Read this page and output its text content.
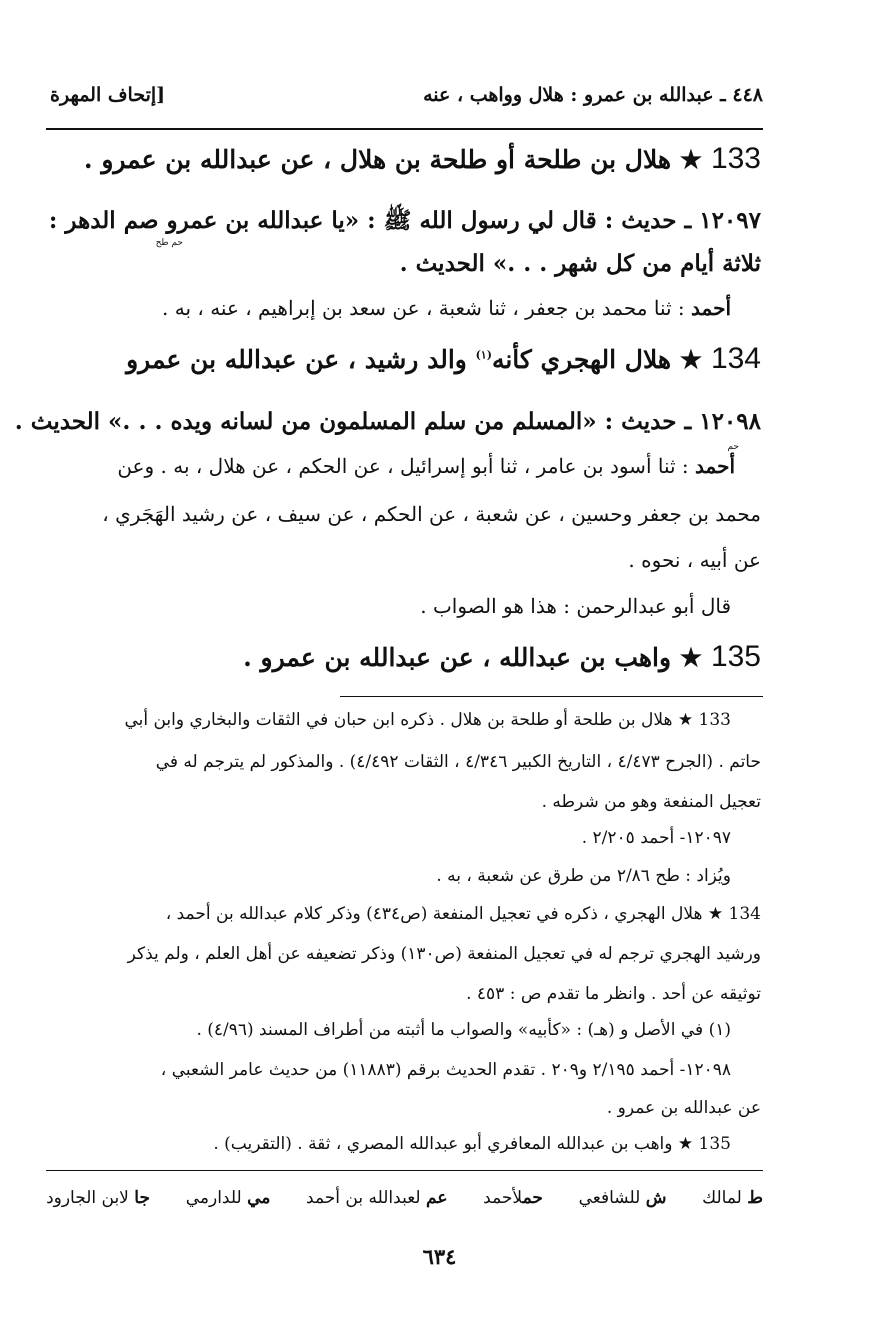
٤٤٨ ـ عبدالله بن عمرو : هلال وواهب ، عنه
[إتحاف المهرة
133 ★ هلال بن طلحة أو طلحة بن هلال ، عن عبدالله بن عمرو .
١٢٠٩٧ ـ حديث : قال لي رسول الله ﷺ : «يا عبدالله بن عمرو صم الدهر :
حم طح
ثلاثة أيام من كل شهر . . .» الحديث .
أحمد : ثنا محمد بن جعفر ، ثنا شعبة ، عن سعد بن إبراهيم ، عنه ، به .
134 ★ هلال الهجري كأنه$^{(١)}$ والد رشيد ، عن عبدالله بن عمرو
١٢٠٩٨ ـ حديث : «المسلم من سلم المسلمون من لسانه ويده . . .» الحديث .
حم
أحمد : ثنا أسود بن عامر ، ثنا أبو إسرائيل ، عن الحكم ، عن هلال ، به . وعن
محمد بن جعفر وحسين ، عن شعبة ، عن الحكم ، عن سيف ، عن رشيد الهَجَري ،
عن أبيه ، نحوه .
قال أبو عبدالرحمن : هذا هو الصواب .
135 ★ واهب بن عبدالله ، عن عبدالله بن عمرو .
133 ★ هلال بن طلحة أو طلحة بن هلال . ذكره ابن حبان في الثقات والبخاري وابن أبي
حاتم . (الجرح ٤/٤٧٣ ، التاريخ الكبير ٤/٣٤٦ ، الثقات ٤/٤٩٢) . والمذكور لم يترجم له في
تعجيل المنفعة وهو من شرطه .
١٢٠٩٧- أحمد ٢/٢٠٥ .
ويُزاد : طح ٢/٨٦ من طرق عن شعبة ، به .
134 ★ هلال الهجري ، ذكره في تعجيل المنفعة (ص٤٣٤) وذكر كلام عبدالله بن أحمد ،
ورشيد الهجري ترجم له في تعجيل المنفعة (ص١٣٠) وذكر تضعيفه عن أهل العلم ، ولم يذكر
توثيقه عن أحد . وانظر ما تقدم ص : ٤٥٣ .
(١) في الأصل و (هـ) : «كأبيه» والصواب ما أثبته من أطراف المسند (٤/٩٦) .
١٢٠٩٨- أحمد ٢/١٩٥ و٢٠٩ . تقدم الحديث برقم (١١٨٨٣) من حديث عامر الشعبي ،
عن عبدالله بن عمرو .
135 ★ واهب بن عبدالله المعافري أبو عبدالله المصري ، ثقة . (التقريب) .
ط لمالك
ش للشافعي
حملأحمد
عم لعبدالله بن أحمد
مي للدارمي
جا لابن الجارود
٦٣٤
